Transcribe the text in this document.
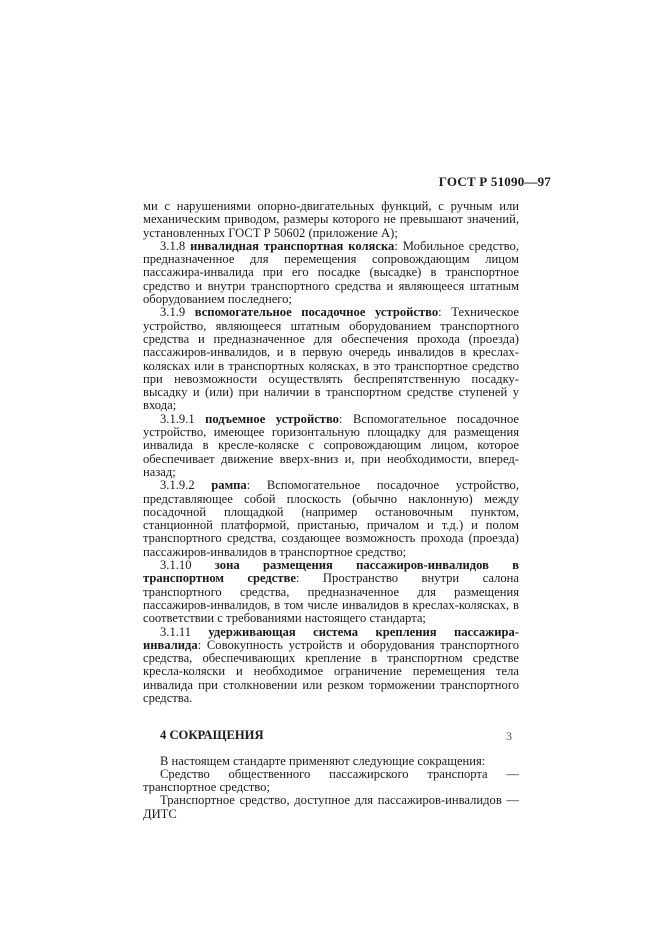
ГОСТ Р 51090—97

ми с нарушениями опорно-двигательных функций, с ручным или механическим приводом, размеры которого не превышают значений, установленных ГОСТ Р 50602 (приложение А);

3.1.8 инвалидная транспортная коляска: Мобильное средство, предназначенное для перемещения сопровождающим лицом пассажира-инвалида при его посадке (высадке) в транспортное средство и внутри транспортного средства и являющееся штатным оборудованием последнего;

3.1.9 вспомогательное посадочное устройство: Техническое устройство, являющееся штатным оборудованием транспортного средства и предназначенное для обеспечения прохода (проезда) пассажиров-инвалидов, и в первую очередь инвалидов в креслах-колясках или в транспортных колясках, в это транспортное средство при невозможности осуществлять беспрепятственную посадку-высадку и (или) при наличии в транспортном средстве ступеней у входа;

3.1.9.1 подъемное устройство: Вспомогательное посадочное устройство, имеющее горизонтальную площадку для размещения инвалида в кресле-коляске с сопровождающим лицом, которое обеспечивает движение вверх-вниз и, при необходимости, вперед-назад;

3.1.9.2 рампа: Вспомогательное посадочное устройство, представляющее собой плоскость (обычно наклонную) между посадочной площадкой (например остановочным пунктом, станционной платформой, пристанью, причалом и т.д.) и полом транспортного средства, создающее возможность прохода (проезда) пассажиров-инвалидов в транспортное средство;

3.1.10 зона размещения пассажиров-инвалидов в транспортном средстве: Пространство внутри салона транспортного средства, предназначенное для размещения пассажиров-инвалидов, в том числе инвалидов в креслах-колясках, в соответствии с требованиями настоящего стандарта;

3.1.11 удерживающая система крепления пассажира-инвалида: Совокупность устройств и оборудования транспортного средства, обеспечивающих крепление в транспортном средстве кресла-коляски и необходимое ограничение перемещения тела инвалида при столкновении или резком торможении транспортного средства.

4 СОКРАЩЕНИЯ

В настоящем стандарте применяют следующие сокращения:

Средство общественного пассажирского транспорта — транспортное средство;

Транспортное средство, доступное для пассажиров-инвалидов — ДИТС

3
